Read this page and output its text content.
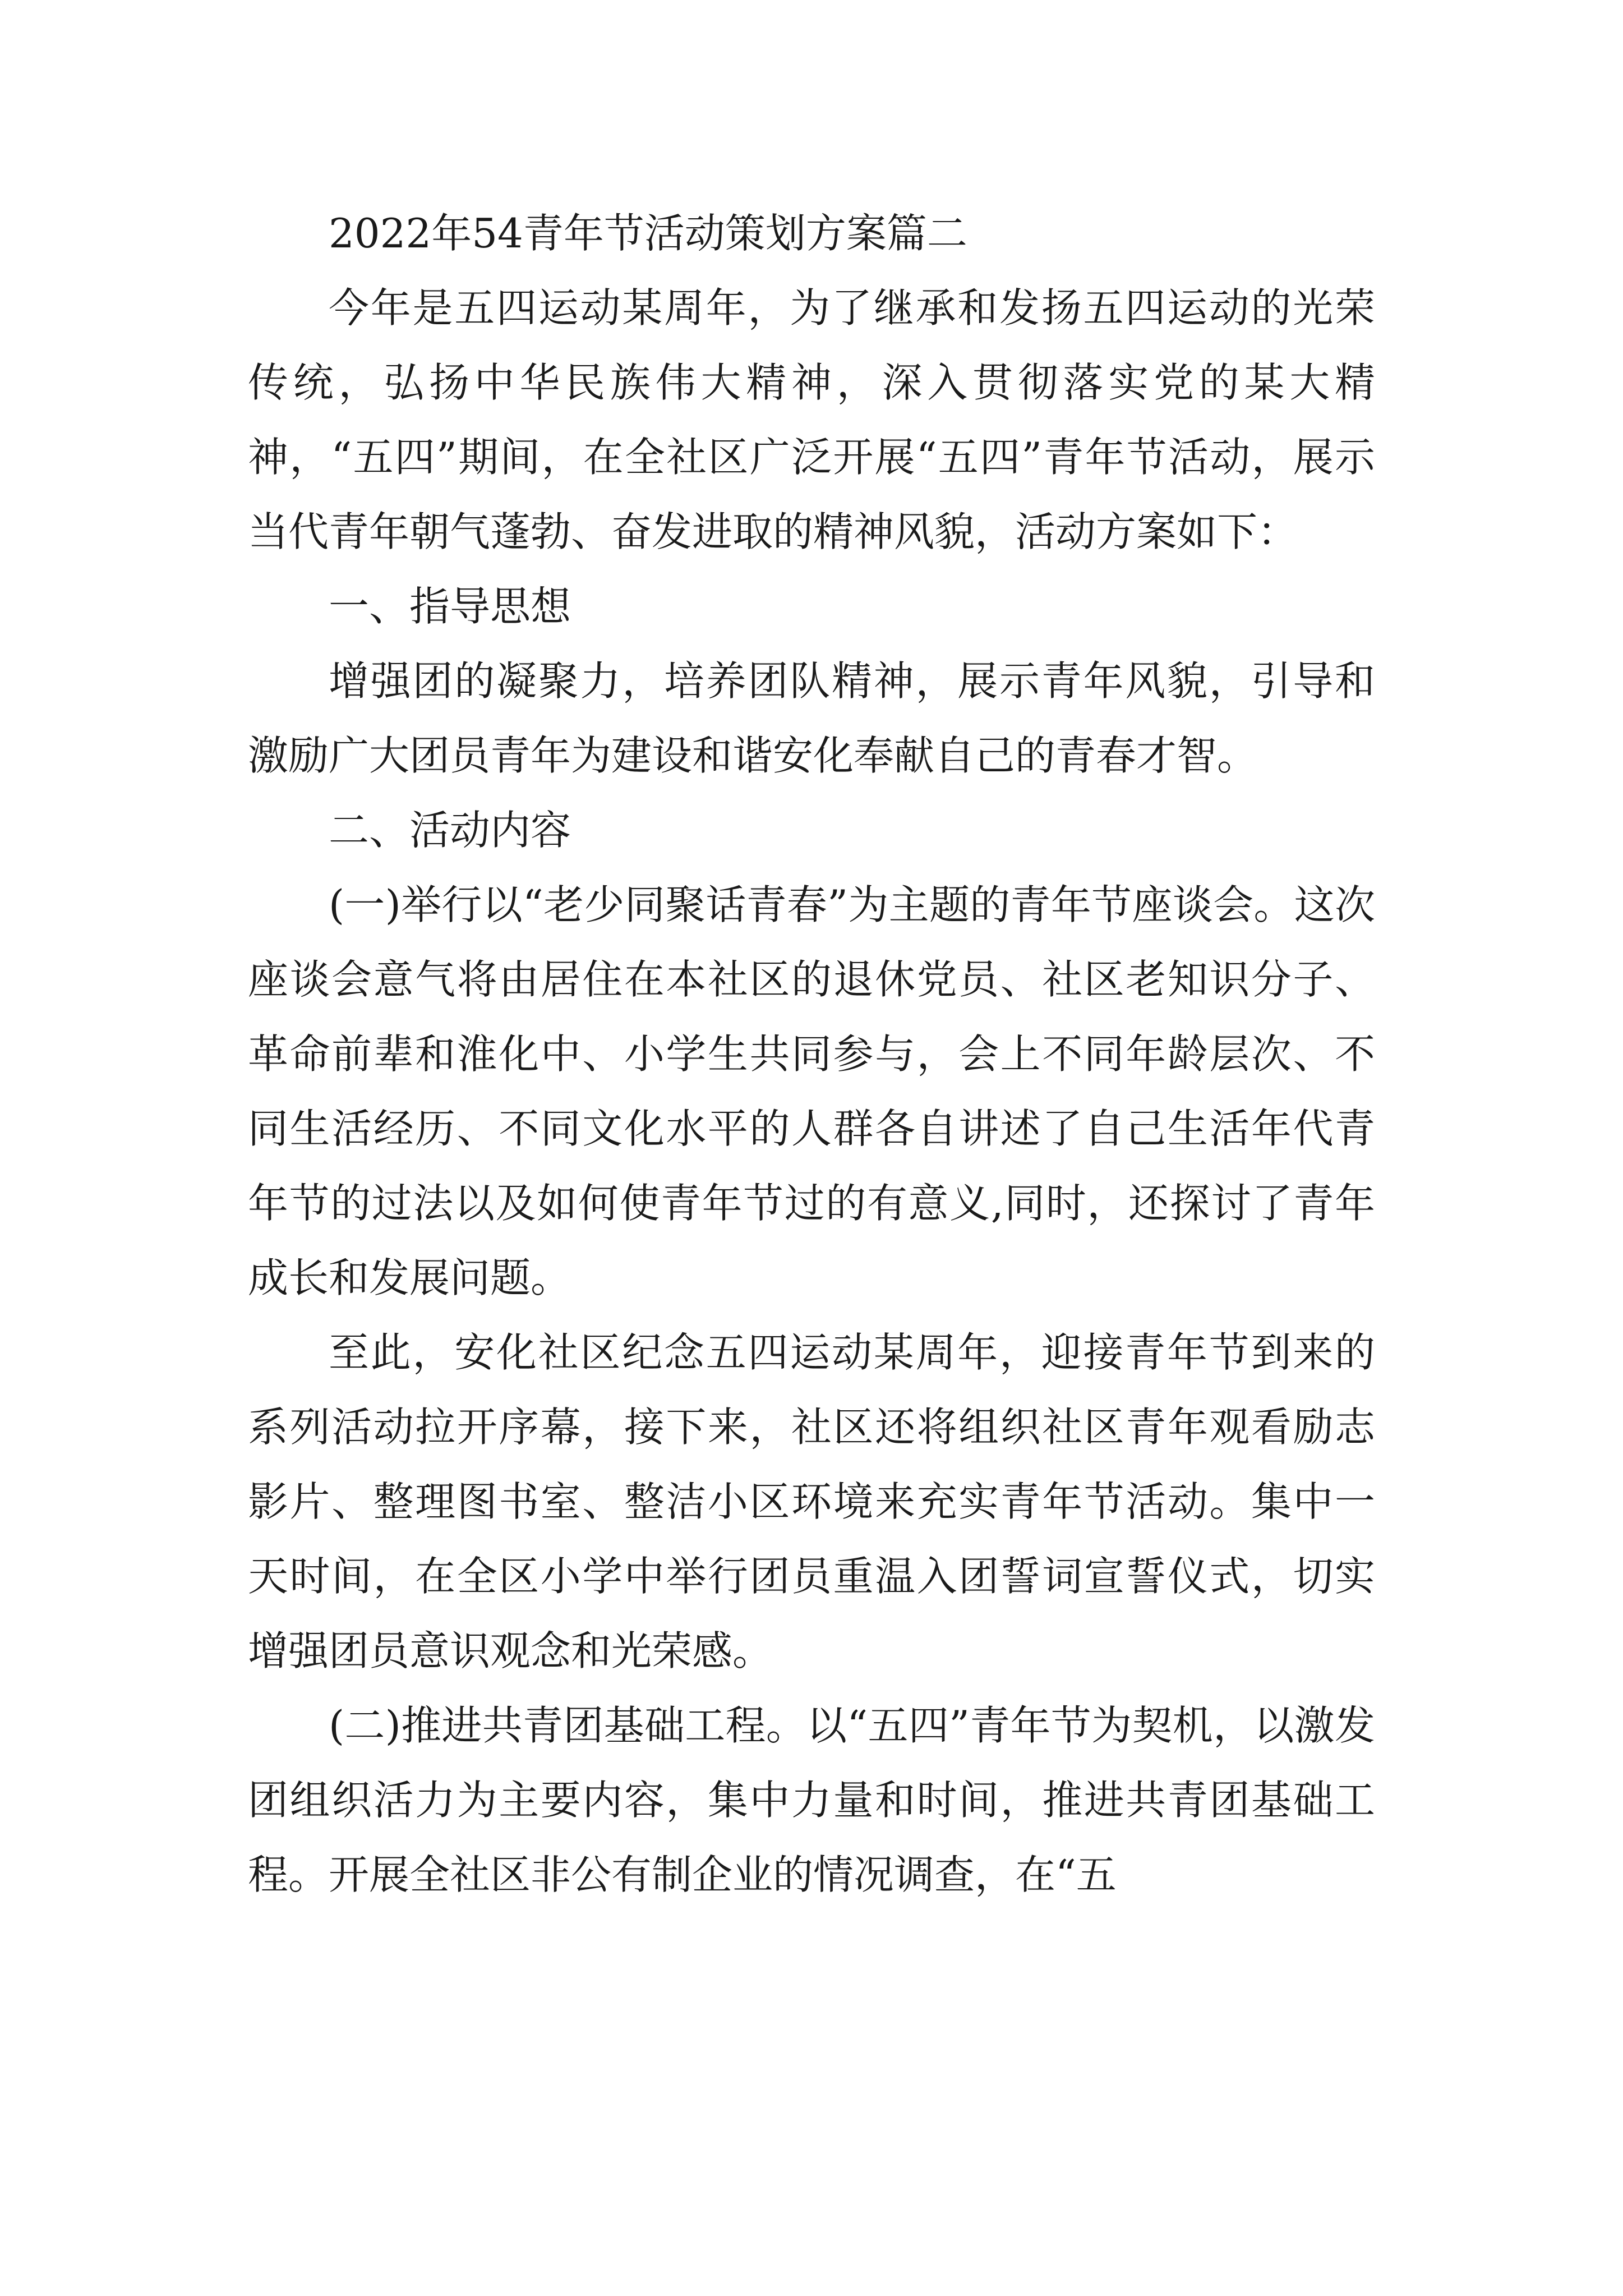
2022年54青年节活动策划方案篇二

今年是五四运动某周年，为了继承和发扬五四运动的光荣传统，弘扬中华民族伟大精神，深入贯彻落实党的某大精神，“五四”期间，在全社区广泛开展“五四”青年节活动，展示当代青年朝气蓬勃、奋发进取的精神风貌，活动方案如下：

一、指导思想

增强团的凝聚力，培养团队精神，展示青年风貌，引导和激励广大团员青年为建设和谐安化奉献自己的青春才智。

二、活动内容

(一)举行以“老少同聚话青春”为主题的青年节座谈会。这次座谈会意气将由居住在本社区的退休党员、社区老知识分子、革命前辈和淮化中、小学生共同参与，会上不同年龄层次、不同生活经历、不同文化水平的人群各自讲述了自己生活年代青年节的过法以及如何使青年节过的有意义,同时，还探讨了青年成长和发展问题。

至此，安化社区纪念五四运动某周年，迎接青年节到来的系列活动拉开序幕，接下来，社区还将组织社区青年观看励志影片、整理图书室、整洁小区环境来充实青年节活动。集中一天时间，在全区小学中举行团员重温入团誓词宣誓仪式，切实增强团员意识观念和光荣感。

(二)推进共青团基础工程。以“五四”青年节为契机，以激发团组织活力为主要内容，集中力量和时间，推进共青团基础工程。开展全社区非公有制企业的情况调查，在“五
